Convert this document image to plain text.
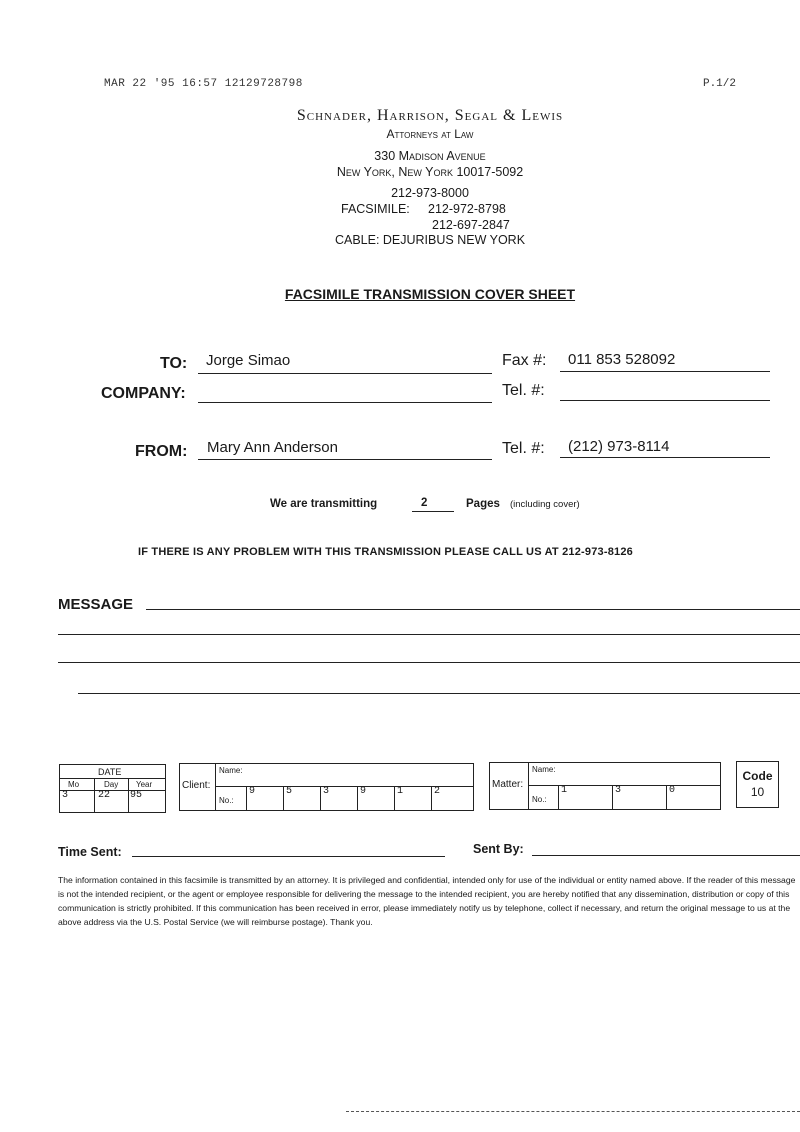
MAR 22 '95 16:57 12129728798	P.1/2
Schnader, Harrison, Segal & Lewis
Attorneys at Law
330 Madison Avenue
New York, New York 10017-5092
212-973-8000
FACSIMILE: 212-972-8798
212-697-2847
CABLE: DEJURIBUS NEW YORK
FACSIMILE TRANSMISSION COVER SHEET
TO: Jorge Simao	Fax #: 011 853 528092
COMPANY:	Tel. #:
FROM: Mary Ann Anderson	Tel. #: (212) 973-8114
We are transmitting	2	Pages (including cover)
IF THERE IS ANY PROBLEM WITH THIS TRANSMISSION PLEASE CALL US AT 212-973-8126
MESSAGE
DATE
Mo	Day Year
3	22 95
Client:
Name:
No.:
9	5	3	9	1	2
Matter:
Name:
No.:
1	3	0
Code
10
Time Sent:	Sent By:
The information contained in this facsimile is transmitted by an attorney. It is privileged and confidential, intended only for use of the individual or entity named above. If the reader of this message is not the intended recipient, or the agent or employee responsible for delivering the message to the intended recipient, you are hereby notified that any dissemination, distribution or copy of this communication is strictly prohibited. If this communication has been received in error, please immediately notify us by telephone, collect if necessary, and return the original message to us at the above address via the U.S. Postal Service (we will reimburse postage). Thank you.
